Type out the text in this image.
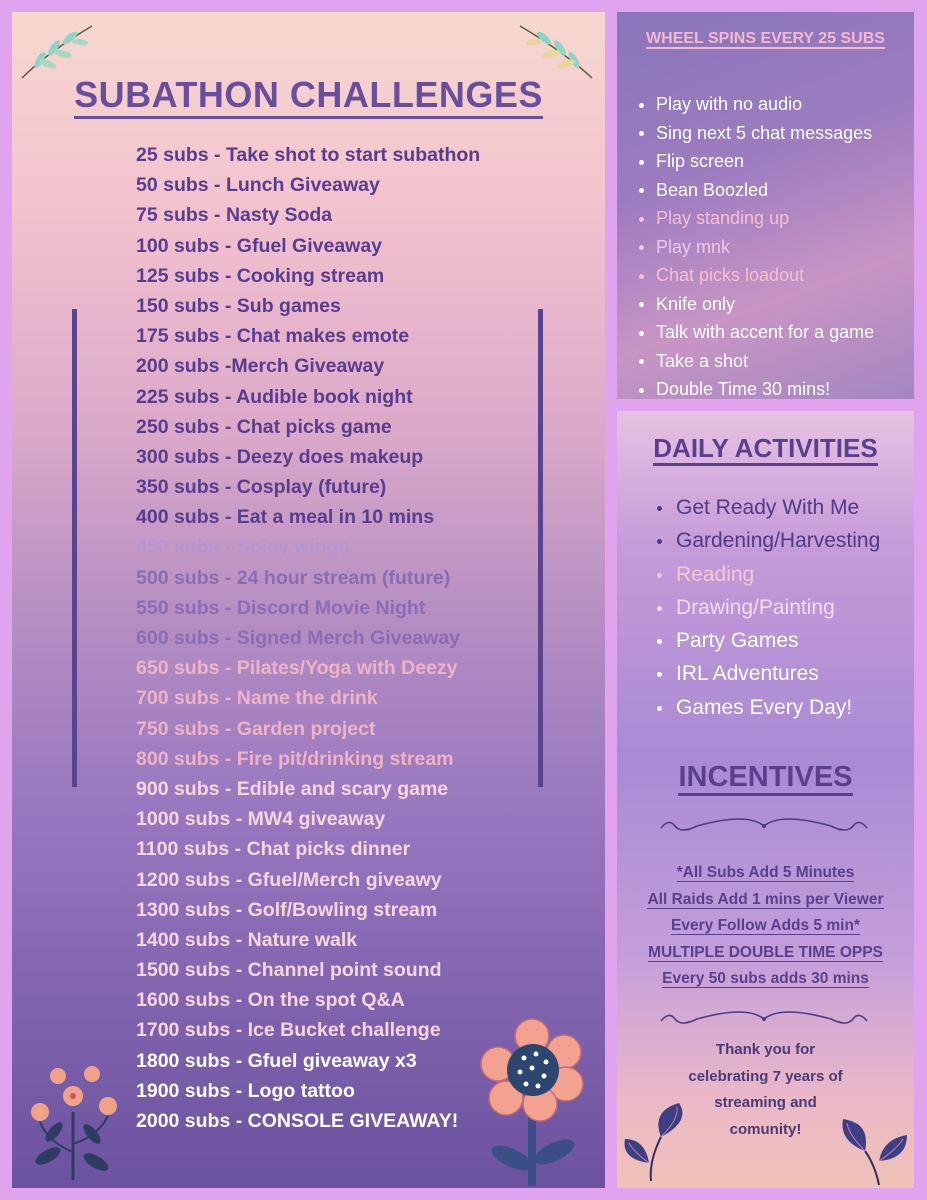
SUBATHON CHALLENGES
25 subs - Take shot to start subathon
50 subs - Lunch Giveaway
75 subs - Nasty Soda
100 subs - Gfuel Giveaway
125 subs - Cooking stream
150 subs - Sub games
175 subs - Chat makes emote
200 subs -Merch Giveaway
225 subs - Audible book night
250 subs - Chat picks game
300 subs - Deezy does makeup
350 subs - Cosplay (future)
400 subs - Eat a meal in 10 mins
450 subs - Spicy wings
500 subs - 24 hour stream (future)
550 subs - Discord Movie Night
600 subs - Signed Merch Giveaway
650 subs - Pilates/Yoga with Deezy
700 subs - Name the drink
750 subs - Garden project
800 subs - Fire pit/drinking stream
900 subs - Edible and scary game
1000 subs - MW4 giveaway
1100 subs - Chat picks dinner
1200 subs - Gfuel/Merch giveawy
1300 subs - Golf/Bowling stream
1400 subs - Nature walk
1500 subs - Channel point sound
1600 subs - On the spot Q&A
1700 subs - Ice Bucket challenge
1800 subs - Gfuel giveaway x3
1900 subs - Logo tattoo
2000 subs - CONSOLE GIVEAWAY!
WHEEL SPINS EVERY 25 SUBS
Play with no audio
Sing next 5 chat messages
Flip screen
Bean Boozled
Play standing up
Play mnk
Chat picks loadout
Knife only
Talk with accent for a game
Take a shot
Double Time 30 mins!
DAILY ACTIVITIES
Get Ready With Me
Gardening/Harvesting
Reading
Drawing/Painting
Party Games
IRL Adventures
Games Every Day!
INCENTIVES
*All Subs Add 5 Minutes
All Raids Add 1 mins per Viewer
Every Follow Adds 5 min*
MULTIPLE DOUBLE TIME OPPS
Every 50 subs adds 30 mins
Thank you for
celebrating 7 years of
streaming and
comunity!
